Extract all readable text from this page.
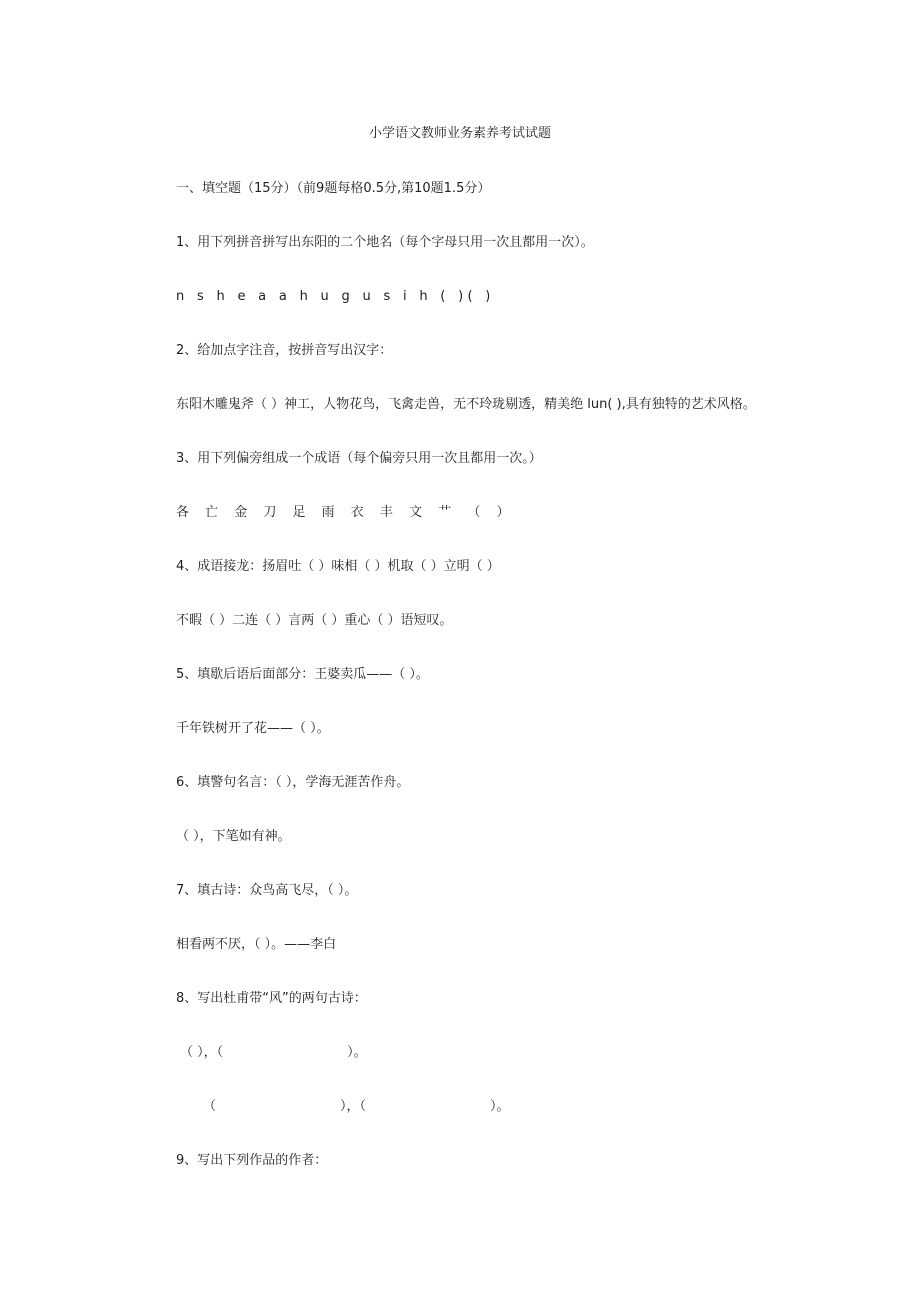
小学语文教师业务素养考试试题
一、填空题（15分）（前9题每格0.5分,第10题1.5分）
1、用下列拼音拼写出东阳的二个地名（每个字母只用一次且都用一次）。
n s h e a a h u g u s i h ( )( )
2、给加点字注音，按拼音写出汉字：
东阳木雕鬼斧（ ）神工，人物花鸟，飞禽走兽，无不玲珑剔透，精美绝 lun( ),具有独特的艺术风格。
3、用下列偏旁组成一个成语（每个偏旁只用一次且都用一次。）
各 亡 金 刀 足 雨 衣 丰 文 艹 （ ）
4、成语接龙：扬眉吐（ ）味相（ ）机取（ ）立明（ ）
不暇（ ）二连（ ）言两（ ）重心（ ）语短叹。
5、填歇后语后面部分：王婆卖瓜——（ ）。
千年铁树开了花——（ ）。
6、填警句名言：（ ），学海无涯苦作舟。
（ ），下笔如有神。
7、填古诗：众鸟高飞尽，（ ）。
相看两不厌，（ ）。——李白
8、写出杜甫带“风”的两句古诗：
（ ），（                              ）。
（                              ），（                              ）。
9、写出下列作品的作者：
